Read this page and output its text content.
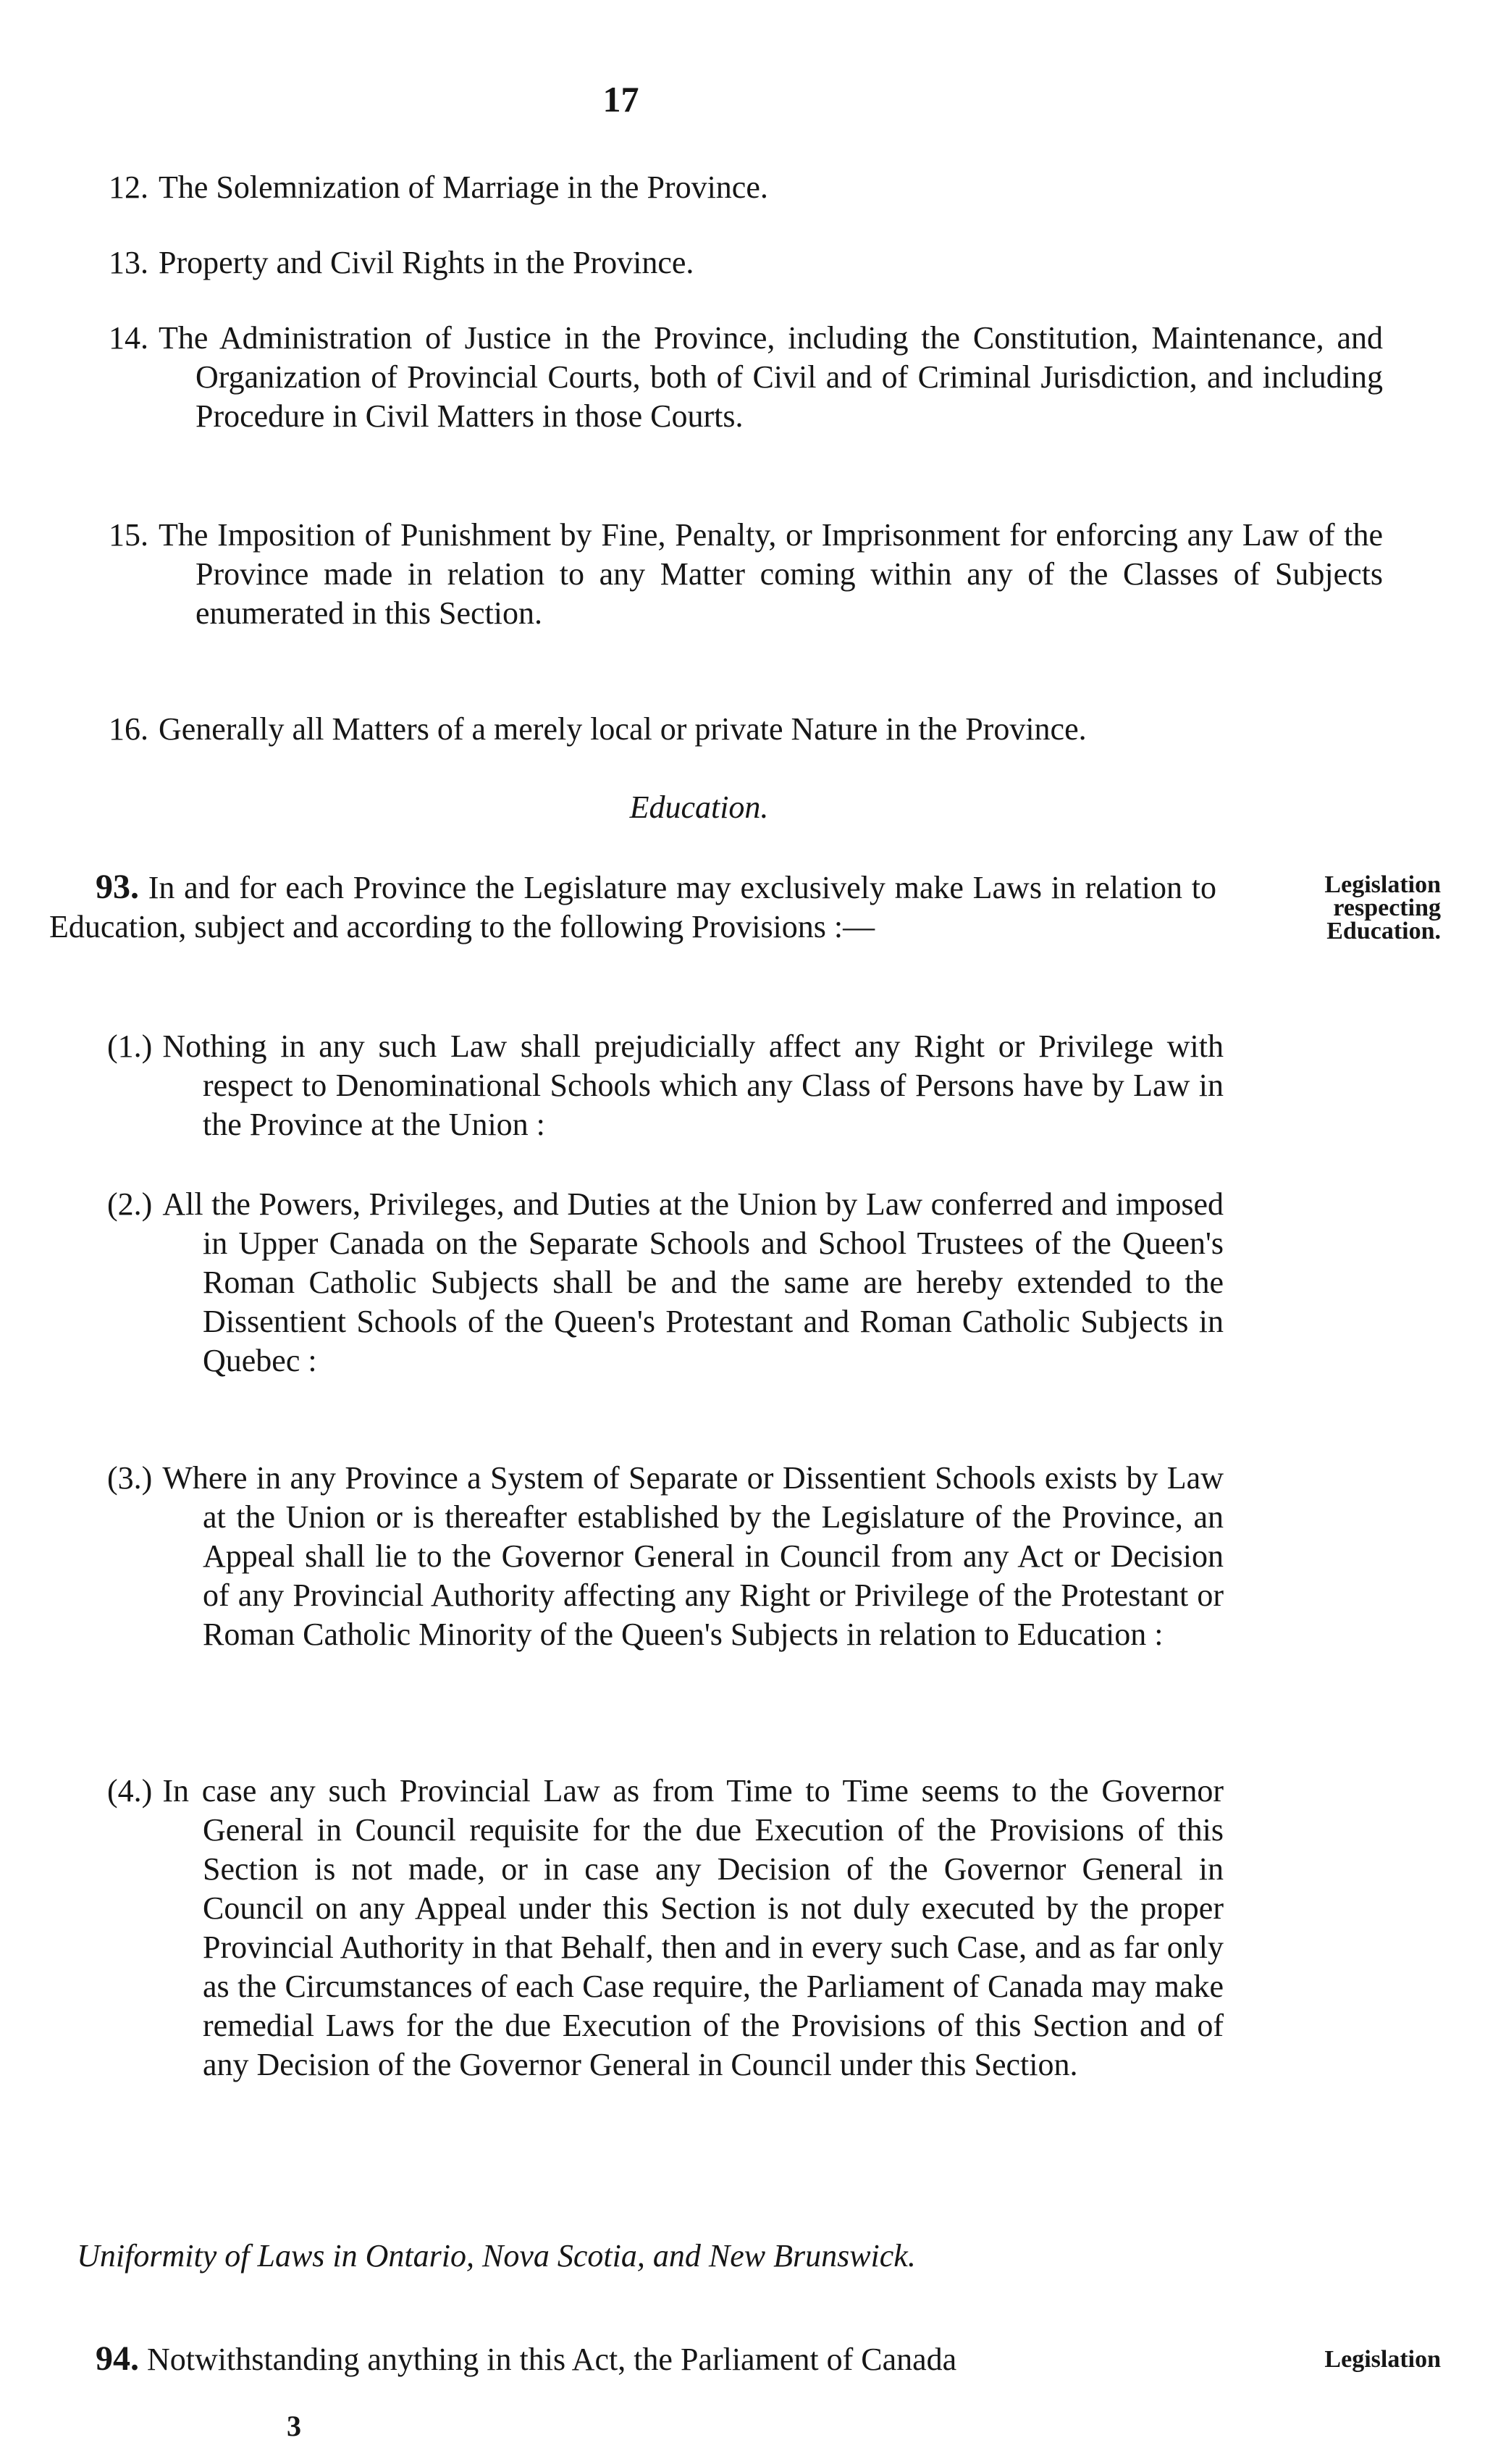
17
12. The Solemnization of Marriage in the Province.
13. Property and Civil Rights in the Province.
14. The Administration of Justice in the Province, including the Constitution, Maintenance, and Organization of Provincial Courts, both of Civil and of Criminal Jurisdiction, and including Procedure in Civil Matters in those Courts.
15. The Imposition of Punishment by Fine, Penalty, or Imprisonment for enforcing any Law of the Province made in relation to any Matter coming within any of the Classes of Subjects enumerated in this Section.
16. Generally all Matters of a merely local or private Nature in the Province.
Education.
93. In and for each Province the Legislature may exclusively make Laws in relation to Education, subject and according to the following Provisions :—
Legislation respecting Education.
(1.) Nothing in any such Law shall prejudicially affect any Right or Privilege with respect to Denominational Schools which any Class of Persons have by Law in the Province at the Union :
(2.) All the Powers, Privileges, and Duties at the Union by Law conferred and imposed in Upper Canada on the Separate Schools and School Trustees of the Queen's Roman Catholic Subjects shall be and the same are hereby extended to the Dissentient Schools of the Queen's Protestant and Roman Catholic Subjects in Quebec :
(3.) Where in any Province a System of Separate or Dissentient Schools exists by Law at the Union or is thereafter established by the Legislature of the Province, an Appeal shall lie to the Governor General in Council from any Act or Decision of any Provincial Authority affecting any Right or Privilege of the Protestant or Roman Catholic Minority of the Queen's Subjects in relation to Education :
(4.) In case any such Provincial Law as from Time to Time seems to the Governor General in Council requisite for the due Execution of the Provisions of this Section is not made, or in case any Decision of the Governor General in Council on any Appeal under this Section is not duly executed by the proper Provincial Authority in that Behalf, then and in every such Case, and as far only as the Circumstances of each Case require, the Parliament of Canada may make remedial Laws for the due Execution of the Provisions of this Section and of any Decision of the Governor General in Council under this Section.
Uniformity of Laws in Ontario, Nova Scotia, and New Brunswick.
94. Notwithstanding anything in this Act, the Parliament of Canada	Legislation
3
